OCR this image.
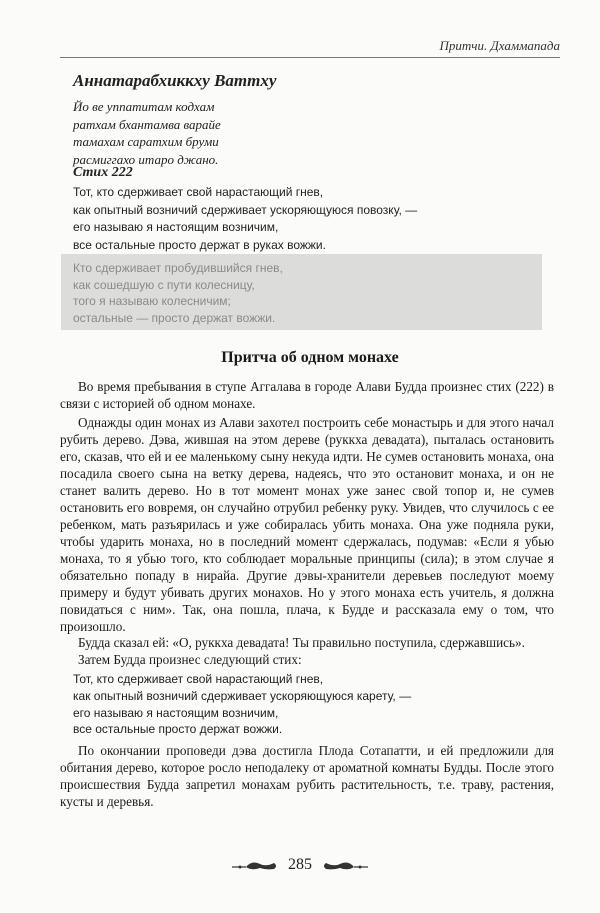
Притчи. Дхаммапада
Аннатарабхиккху Ваттху
Йо ве уппатитам кодхам
ратхам бхантамва варайе
тамахам саратхим бруми
расмиггахо итаро джано.
Стих 222
Тот, кто сдерживает свой нарастающий гнев,
как опытный возничий сдерживает ускоряющуюся повозку, —
его называю я настоящим возничим,
все остальные просто держат в руках вожжи.
Кто сдерживает пробудившийся гнев,
как сошедшую с пути колесницу,
того я называю колесничим;
остальные — просто держат вожжи.
Притча об одном монахе

Во время пребывания в ступе Аггалава в городе Алави Будда произнес стих (222) в связи с историей об одном монахе.

Однажды один монах из Алави захотел построить себе монастырь и для этого начал рубить дерево. Дэва, жившая на этом дереве (руккха девадата), пыталась остановить его, сказав, что ей и ее маленькому сыну некуда идти. Не сумев остановить монаха, она посадила своего сына на ветку дерева, надеясь, что это остановит монаха, и он не станет валить дерево. Но в тот момент монах уже занес свой топор и, не сумев остановить его вовремя, он случайно отрубил ребенку руку. Увидев, что случилось с ее ребенком, мать разъярилась и уже собиралась убить монаха. Она уже подняла руки, чтобы ударить монаха, но в последний момент сдержалась, подумав: «Если я убью монаха, то я убью того, кто соблюдает моральные принципы (сила); в этом случае я обязательно попаду в нирайа. Другие дэвы-хранители деревьев последуют моему примеру и будут убивать других монахов. Но у этого монаха есть учитель, я должна повидаться с ним». Так, она пошла, плача, к Будде и рассказала ему о том, что произошло.

Будда сказал ей: «О, руккха девадата! Ты правильно поступила, сдержавшись».

Затем Будда произнес следующий стих:

Тот, кто сдерживает свой нарастающий гнев,
как опытный возничий сдерживает ускоряющуюся карету, —
его называю я настоящим возничим,
все остальные просто держат вожжи.

По окончании проповеди дэва достигла Плода Сотапатти, и ей предложили для обитания дерево, которое росло неподалеку от ароматной комнаты Будды. После этого происшествия Будда запретил монахам рубить растительность, т.е. траву, растения, кусты и деревья.

285
